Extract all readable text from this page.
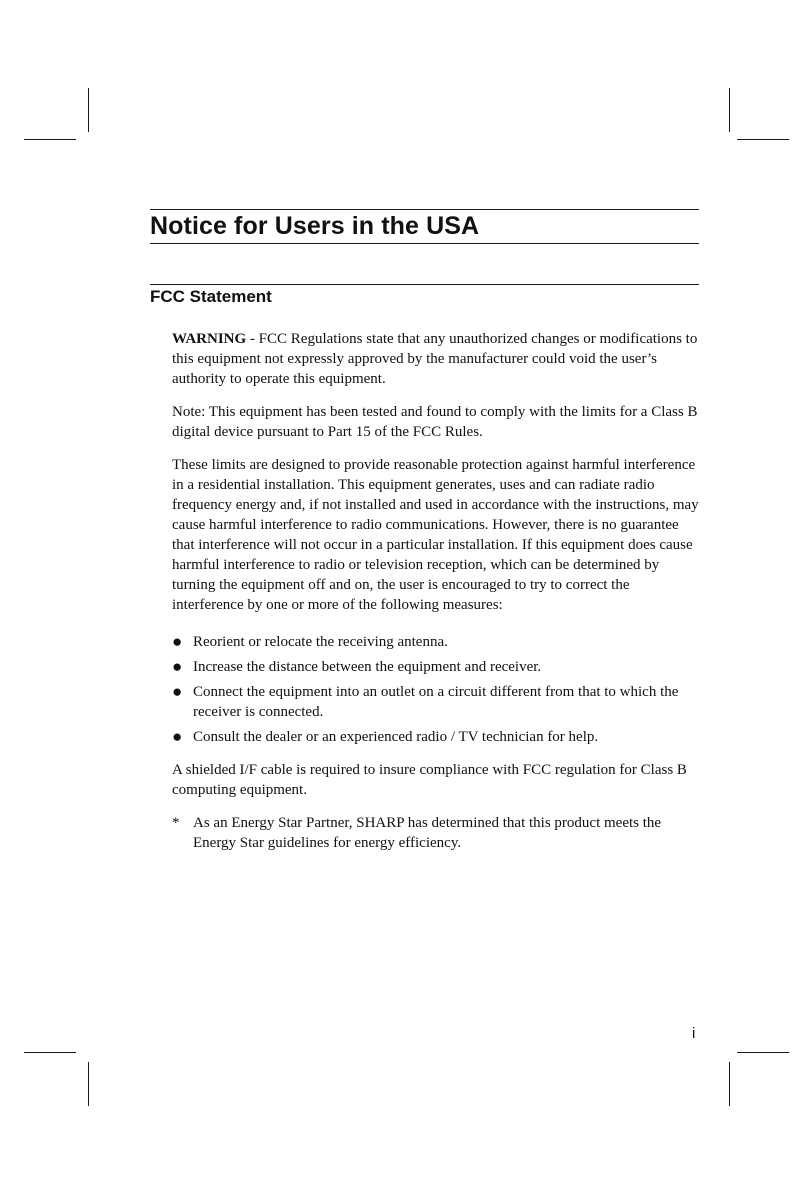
Notice for Users in the USA
FCC Statement

WARNING - FCC Regulations state that any unauthorized changes or modifications to this equipment not expressly approved by the manufacturer could void the user’s authority to operate this equipment.

Note: This equipment has been tested and found to comply with the limits for a Class B digital device pursuant to Part 15 of the FCC Rules.

These limits are designed to provide reasonable protection against harmful interference in a residential installation. This equipment generates, uses and can radiate radio frequency energy and, if not installed and used in accordance with the instructions, may cause harmful interference to radio communications. However, there is no guarantee that interference will not occur in a particular installation. If this equipment does cause harmful interference to radio or television reception, which can be determined by turning the equipment off and on, the user is encouraged to try to correct the interference by one or more of the following measures:

● Reorient or relocate the receiving antenna.
● Increase the distance between the equipment and receiver.
● Connect the equipment into an outlet on a circuit different from that to which the receiver is connected.
● Consult the dealer or an experienced radio / TV technician for help.

A shielded I/F cable is required to insure compliance with FCC regulation for Class B computing equipment.

* As an Energy Star Partner, SHARP has determined that this product meets the Energy Star guidelines for energy efficiency.

i
